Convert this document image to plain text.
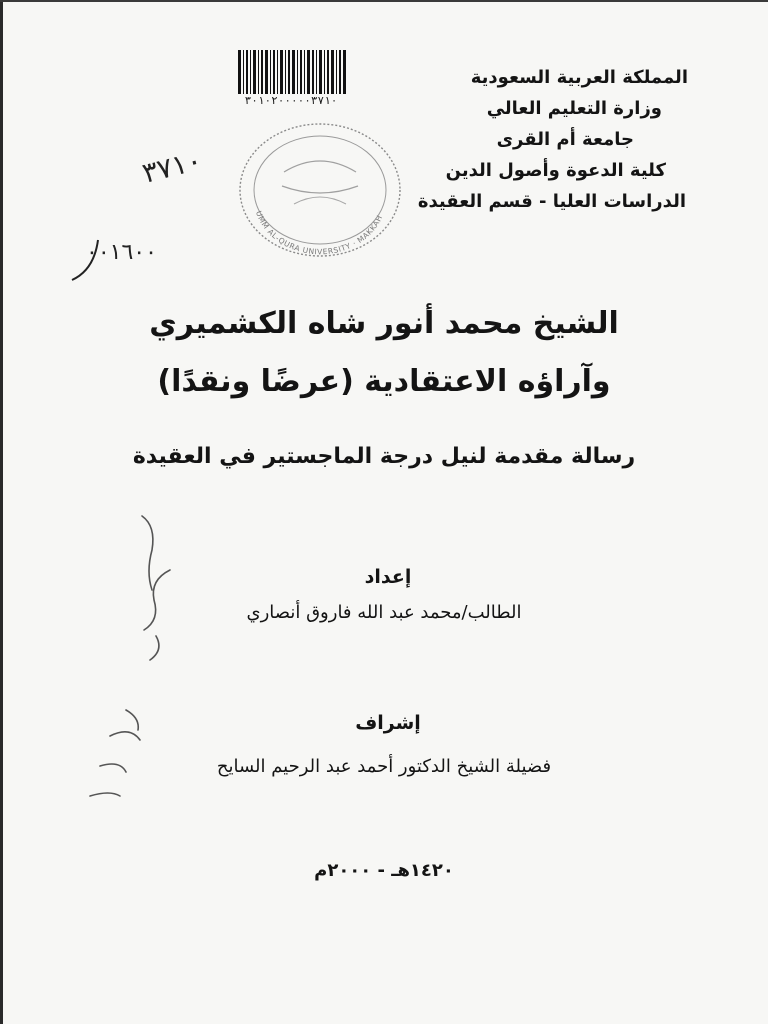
٣٠١٠٢٠٠٠٠٠٣٧١٠
UMM AL-QURA UNIVERSITY · MAKKAH
٣٧١٠
٠٠١٦٠٠
المملكة العربية السعودية
وزارة التعليم العالي
جامعة أم القرى
كلية الدعوة وأصول الدين
الدراسات العليا - قسم العقيدة
الشيخ محمد أنور شاه الكشميري
وآراؤه الاعتقادية (عرضًا ونقدًا)
رسالة مقدمة لنيل درجة الماجستير في العقيدة
إعداد
الطالب/محمد عبد الله فاروق أنصاري
إشراف
فضيلة الشيخ الدكتور أحمد عبد الرحيم السايح
١٤٢٠هـ - ٢٠٠٠م
